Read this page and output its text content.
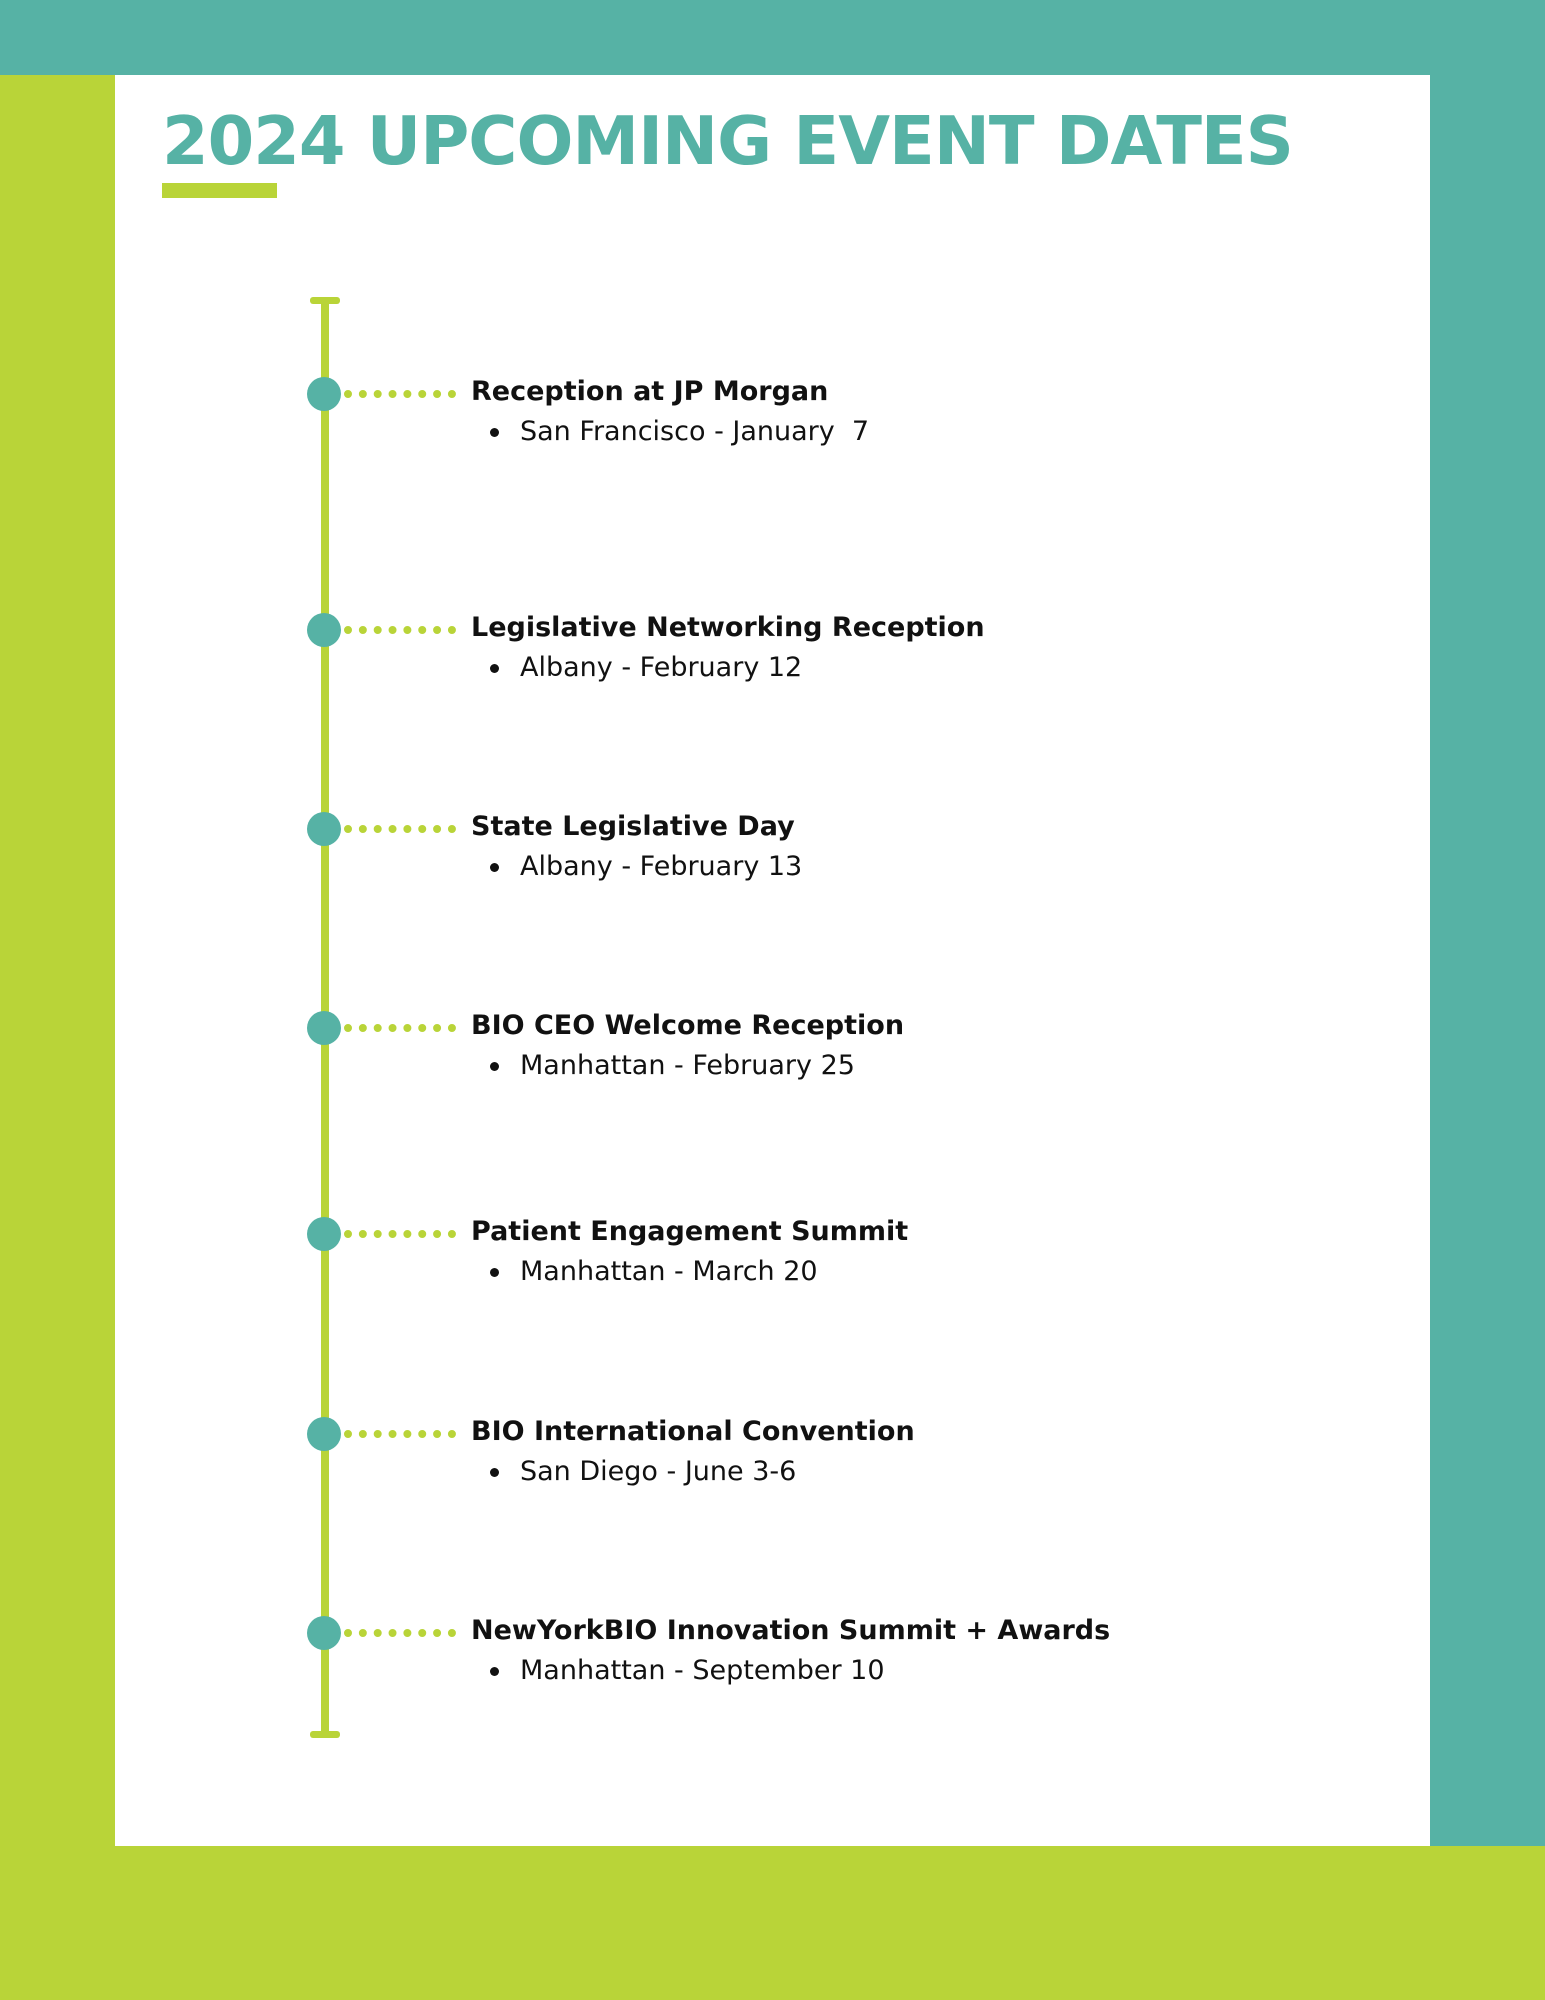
2024 UPCOMING EVENT DATES

Reception at JP Morgan

San Francisco - January  7

Legislative Networking Reception

Albany - February 12

State Legislative Day

Albany - February 13

BIO CEO Welcome Reception

Manhattan - February 25

Patient Engagement Summit

Manhattan - March 20

BIO International Convention

San Diego - June 3-6

NewYorkBIO Innovation Summit + Awards

Manhattan - September 10
